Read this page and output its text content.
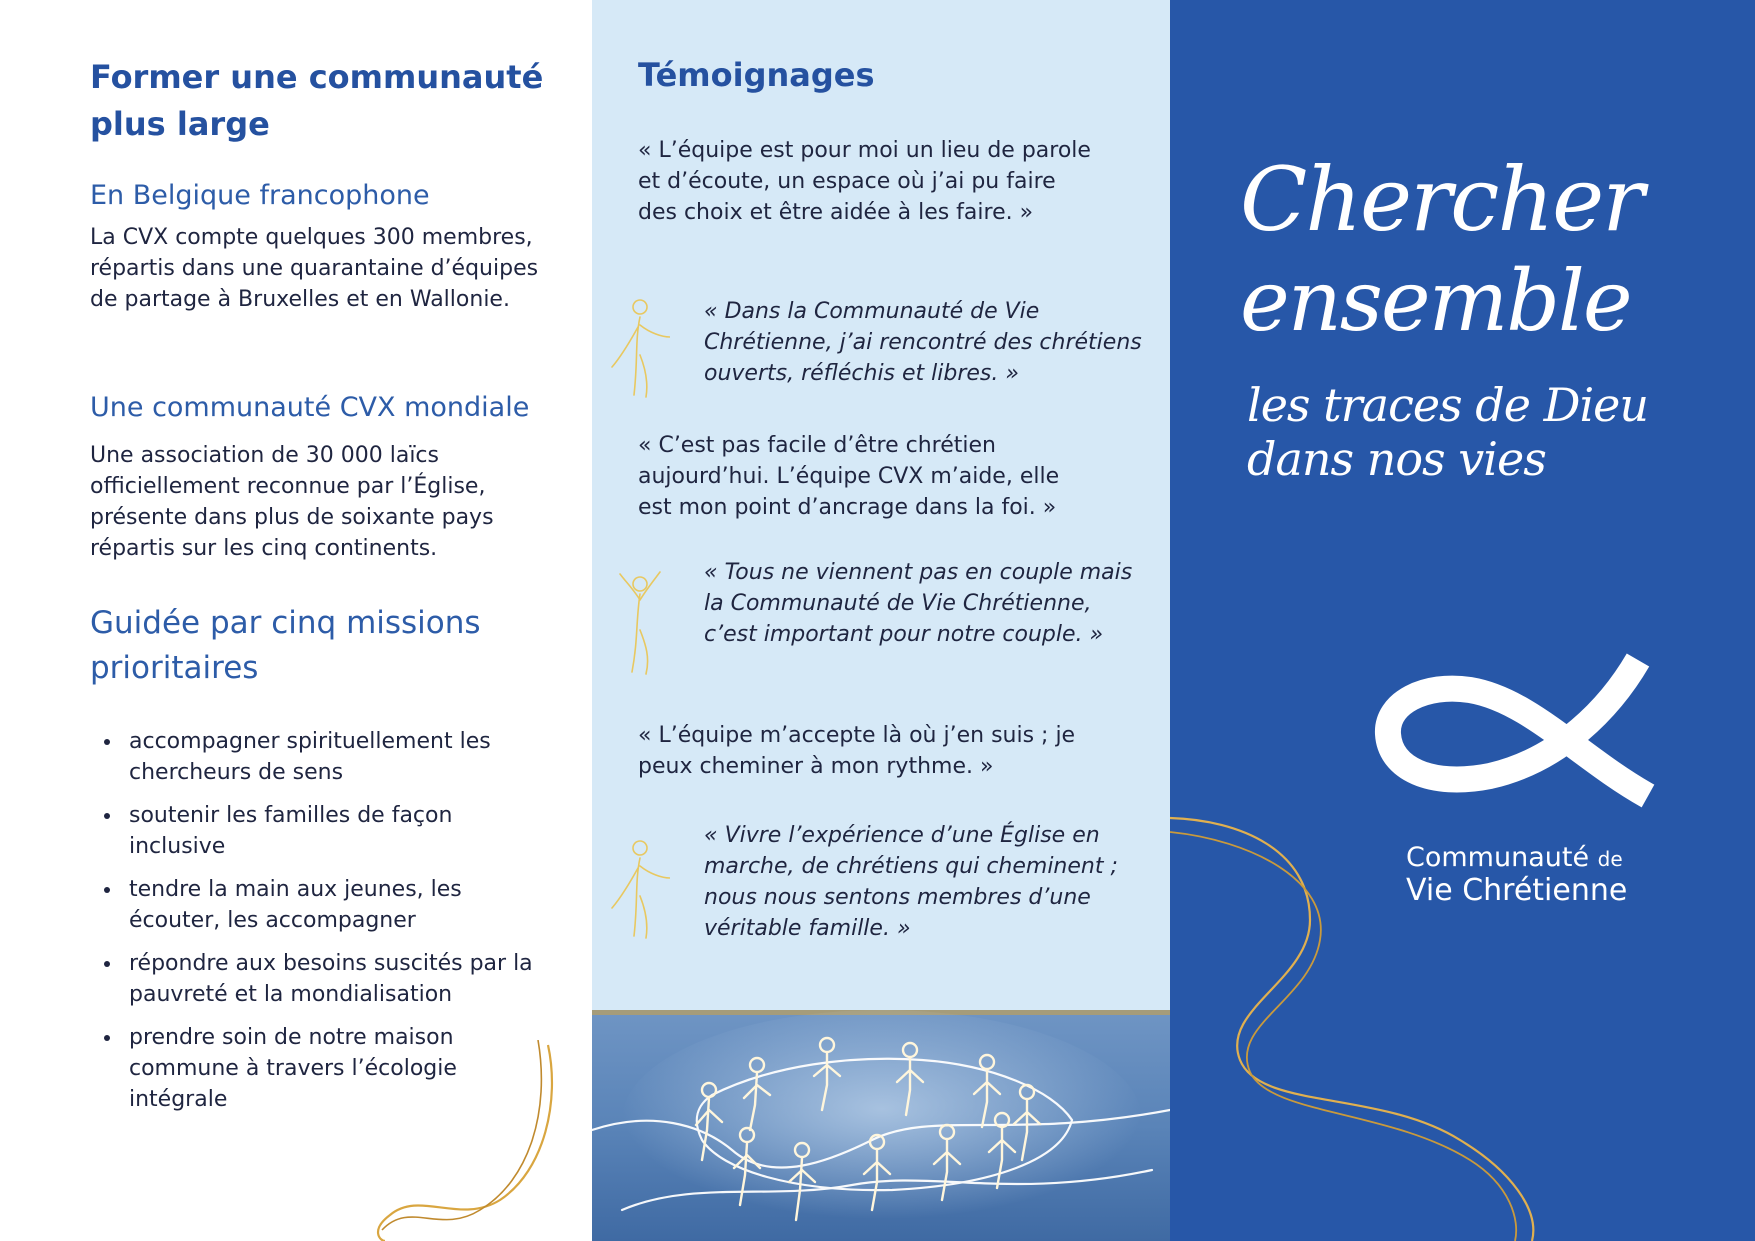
Former une communauté plus large
En Belgique francophone

La CVX compte quelques 300 membres, répartis dans une quarantaine d’équipes de partage à Bruxelles et en Wallonie.

Une communauté CVX mondiale

Une association de 30 000 laïcs officiellement reconnue par l’Église, présente dans plus de soixante pays répartis sur les cinq continents.

Guidée par cinq missions prioritaires
accompagner spirituellement les chercheurs de sens
soutenir les familles de façon inclusive
tendre la main aux jeunes, les écouter, les accompagner
répondre aux besoins suscités par la pauvreté et la mondialisation
prendre soin de notre maison commune à travers l’écologie intégrale
Témoignages

« L’équipe est pour moi un lieu de parole et d’écoute, un espace où j’ai pu faire des choix et être aidée à les faire. »

« Dans la Communauté de Vie Chrétienne, j’ai rencontré des chrétiens ouverts, réfléchis et libres. »

« C’est pas facile d’être chrétien aujourd’hui. L’équipe CVX m’aide, elle est mon point d’ancrage dans la foi. »

« Tous ne viennent pas en couple mais la Communauté de Vie Chrétienne, c’est important pour notre couple. »

« L’équipe m’accepte là où j’en suis ; je peux cheminer à mon rythme. »

« Vivre l’expérience d’une Église en marche, de chrétiens qui cheminent ; nous nous sentons membres d’une véritable famille. »

Chercher
ensemble
les traces de Dieu
dans nos vies
Communauté de
Vie Chrétienne
